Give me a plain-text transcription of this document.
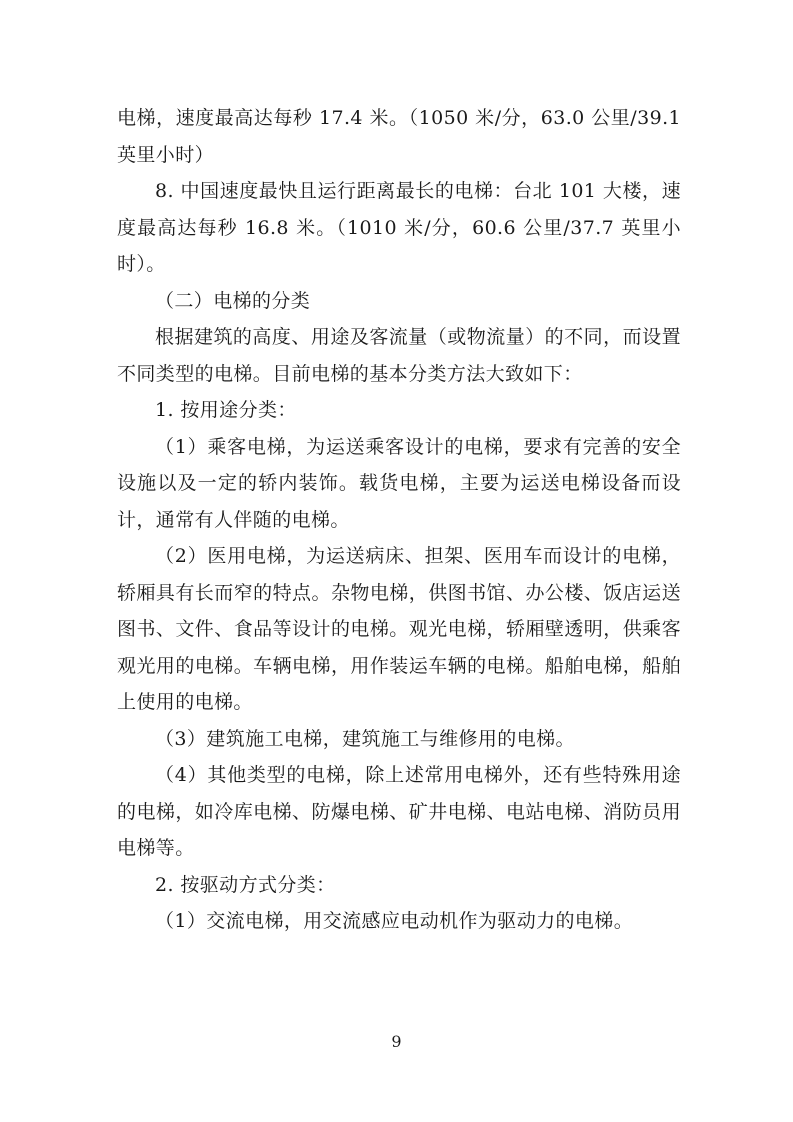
电梯，速度最高达每秒 17.4 米。（1050 米/分，63.0 公里/39.1 英里小时）

8. 中国速度最快且运行距离最长的电梯：台北 101 大楼，速度最高达每秒 16.8 米。（1010 米/分，60.6 公里/37.7 英里小时）。

（二）电梯的分类

根据建筑的高度、用途及客流量（或物流量）的不同，而设置不同类型的电梯。目前电梯的基本分类方法大致如下：

1. 按用途分类：

（1）乘客电梯，为运送乘客设计的电梯，要求有完善的安全设施以及一定的轿内装饰。载货电梯，主要为运送电梯设备而设计，通常有人伴随的电梯。

（2）医用电梯，为运送病床、担架、医用车而设计的电梯，轿厢具有长而窄的特点。杂物电梯，供图书馆、办公楼、饭店运送图书、文件、食品等设计的电梯。观光电梯，轿厢壁透明，供乘客观光用的电梯。车辆电梯，用作装运车辆的电梯。船舶电梯，船舶上使用的电梯。

（3）建筑施工电梯，建筑施工与维修用的电梯。

（4）其他类型的电梯，除上述常用电梯外，还有些特殊用途的电梯，如冷库电梯、防爆电梯、矿井电梯、电站电梯、消防员用电梯等。

2. 按驱动方式分类：

（1）交流电梯，用交流感应电动机作为驱动力的电梯。

9
